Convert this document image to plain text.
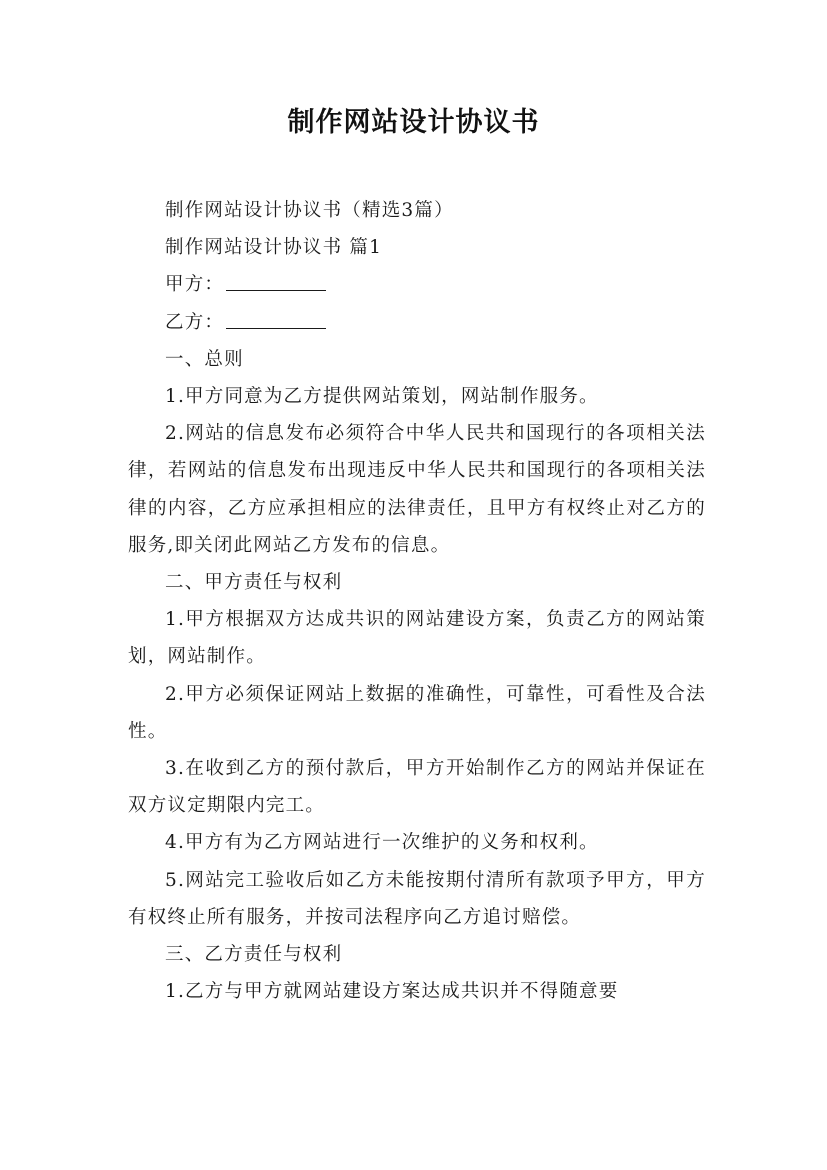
制作网站设计协议书

制作网站设计协议书（精选3篇）

制作网站设计协议书 篇1

甲方：

乙方：

一、总则

1.甲方同意为乙方提供网站策划，网站制作服务。

2.网站的信息发布必须符合中华人民共和国现行的各项相关法律，若网站的信息发布出现违反中华人民共和国现行的各项相关法律的内容，乙方应承担相应的法律责任，且甲方有权终止对乙方的服务,即关闭此网站乙方发布的信息。

二、甲方责任与权利

1.甲方根据双方达成共识的网站建设方案，负责乙方的网站策划，网站制作。

2.甲方必须保证网站上数据的准确性，可靠性，可看性及合法性。

3.在收到乙方的预付款后，甲方开始制作乙方的网站并保证在双方议定期限内完工。

4.甲方有为乙方网站进行一次维护的义务和权利。

5.网站完工验收后如乙方未能按期付清所有款项予甲方，甲方有权终止所有服务，并按司法程序向乙方追讨赔偿。

三、乙方责任与权利

1.乙方与甲方就网站建设方案达成共识并不得随意要
